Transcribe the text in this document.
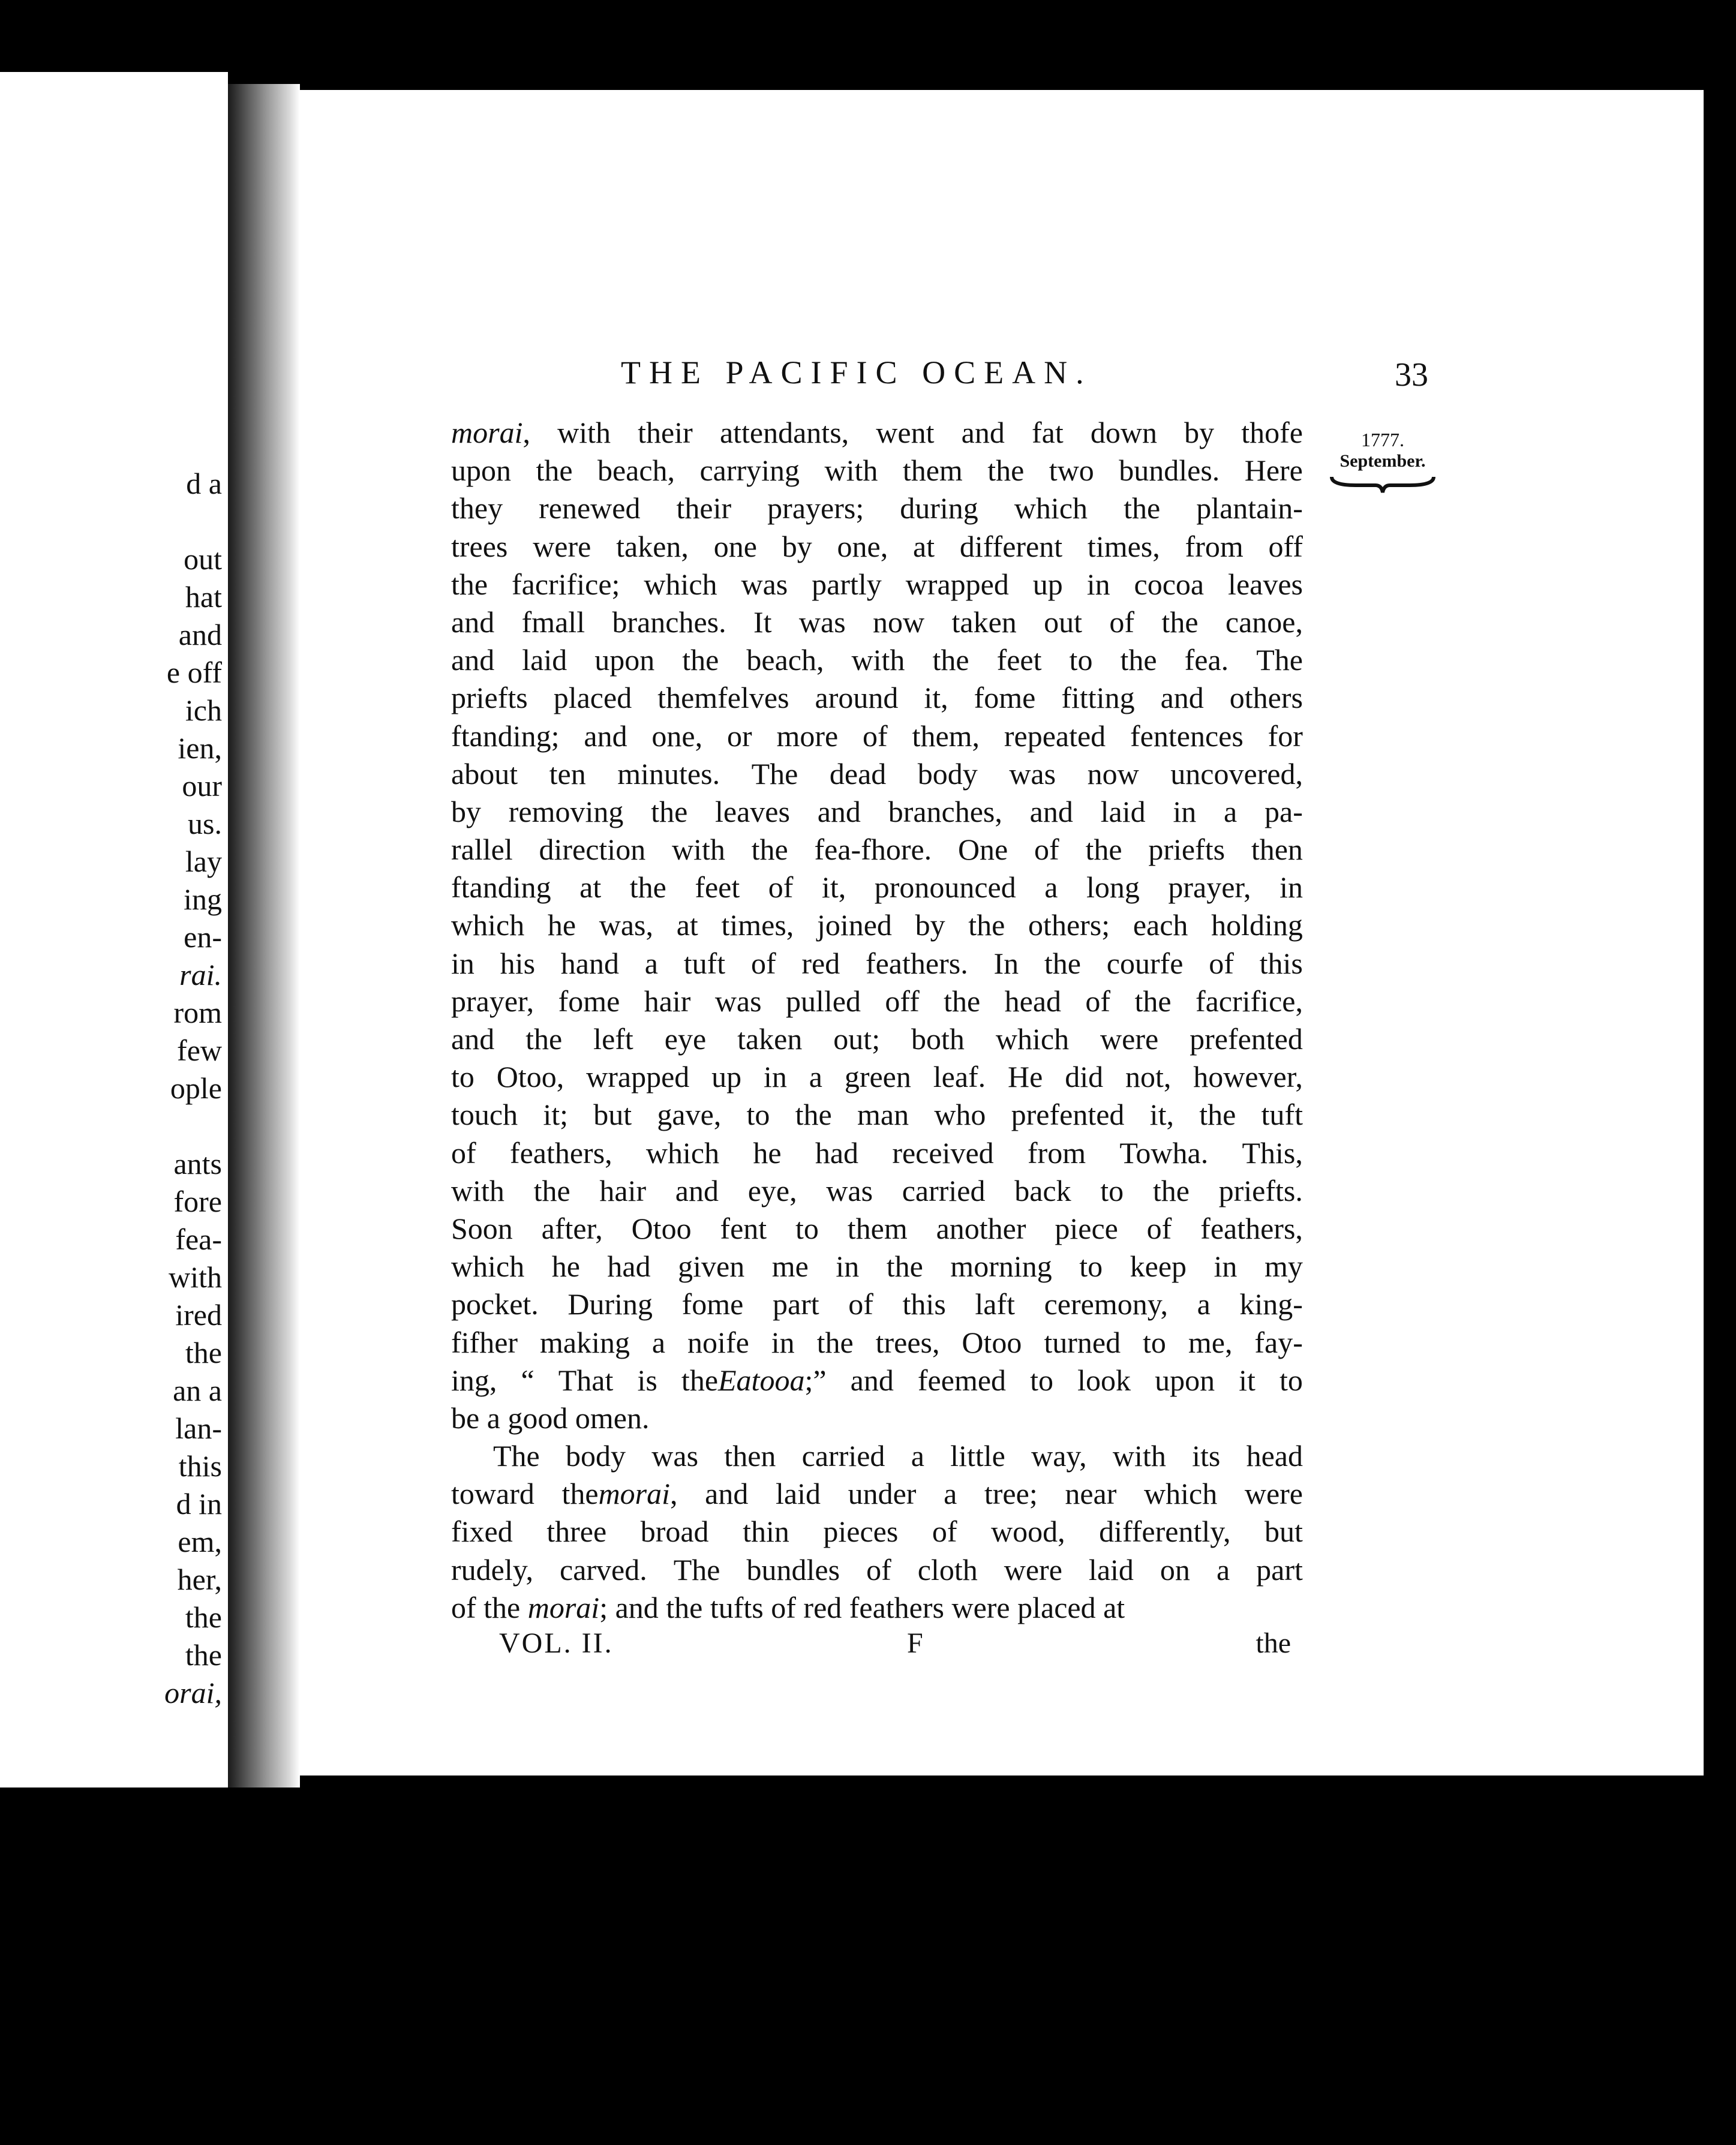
d a
out
hat
and
e off
ich
ien,
our
us.
lay
ing
en-
rai.
rom
few
ople
ants
fore
fea-
with
ired
the
an a
lan-
this
d in
em,
her,
the
the
orai,
THE PACIFIC OCEAN.	33
1777.
September.
morai, with their attendants, went and fat down by thofe
upon the beach, carrying with them the two bundles. Here
they renewed their prayers; during which the plantain-
trees were taken, one by one, at different times, from off
the facrifice; which was partly wrapped up in cocoa leaves
and fmall branches. It was now taken out of the canoe,
and laid upon the beach, with the feet to the fea. The
priefts placed themfelves around it, fome fitting and others
ftanding; and one, or more of them, repeated fentences for
about ten minutes. The dead body was now uncovered,
by removing the leaves and branches, and laid in a pa-
rallel direction with the fea-fhore. One of the priefts then
ftanding at the feet of it, pronounced a long prayer, in
which he was, at times, joined by the others; each holding
in his hand a tuft of red feathers. In the courfe of this
prayer, fome hair was pulled off the head of the facrifice,
and the left eye taken out; both which were prefented
to Otoo, wrapped up in a green leaf. He did not, however,
touch it; but gave, to the man who prefented it, the tuft
of feathers, which he had received from Towha. This,
with the hair and eye, was carried back to the priefts.
Soon after, Otoo fent to them another piece of feathers,
which he had given me in the morning to keep in my
pocket. During fome part of this laft ceremony, a king-
fifher making a noife in the trees, Otoo turned to me, fay-
ing, “ That is theEatooa;” and feemed to look upon it to
be a good omen.
The body was then carried a little way, with its head
toward themorai, and laid under a tree; near which were
fixed three broad thin pieces of wood, differently, but
rudely, carved. The bundles of cloth were laid on a part
of the morai ; and the tufts of red feathers were placed at
VOL. II.	F	the
